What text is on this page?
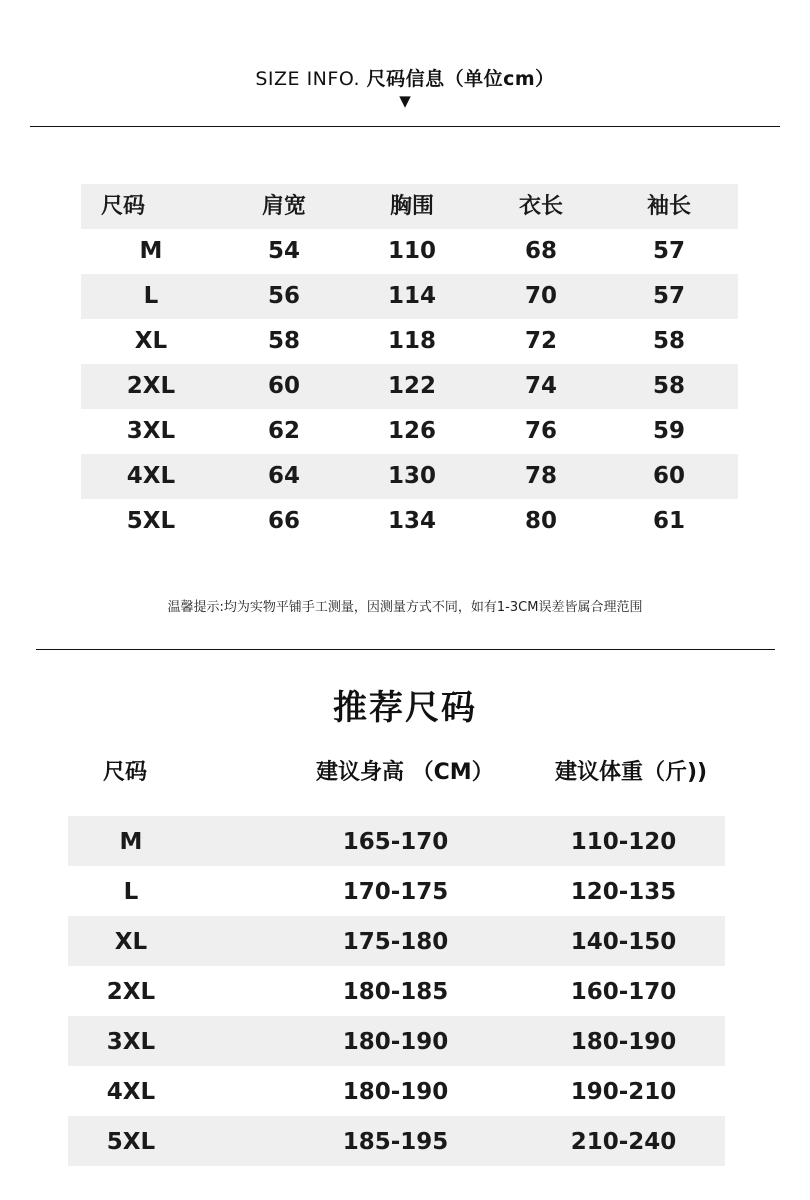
SIZE INFO. 尺码信息（单位cm）
▼
尺码	肩宽	胸围	衣长	袖长
M	54	110	68	57
L	56	114	70	57
XL	58	118	72	58
2XL	60	122	74	58
3XL	62	126	76	59
4XL	64	130	78	60
5XL	66	134	80	61
温馨提示:均为实物平铺手工测量，因测量方式不同，如有1-3CM误差皆属合理范围
推荐尺码
尺码	建议身高 （CM）	建议体重（斤))
M	165-170	110-120
L	170-175	120-135
XL	175-180	140-150
2XL	180-185	160-170
3XL	180-190	180-190
4XL	180-190	190-210
5XL	185-195	210-240
